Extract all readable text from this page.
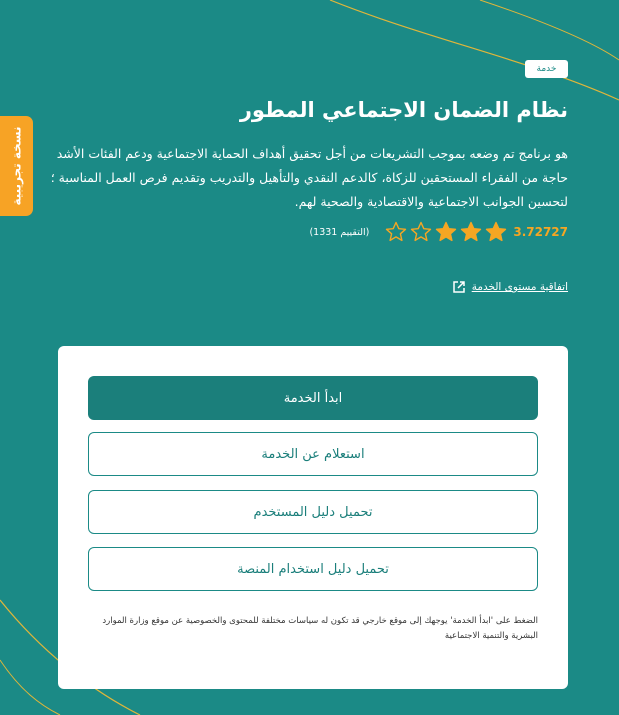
خدمة
نظام الضمان الاجتماعي المطور

هو برنامج تم وضعه بموجب التشريعات من أجل تحقيق أهداف الحماية الاجتماعية ودعم الفئات الأشد حاجة من الفقراء المستحقين للزكاة، كالدعم النقدي والتأهيل والتدريب وتقديم فرص العمل المناسبة ؛ لتحسين الجوانب الاجتماعية والاقتصادية والصحية لهم.

3.72727
(التقييم 1331)
اتفاقية مستوى الخدمة
نسخة تجريبية
ابدأ الخدمة
استعلام عن الخدمة
تحميل دليل المستخدم
تحميل دليل استخدام المنصة

الضغط على 'ابدأ الخدمة' يوجهك إلى موقع خارجي قد تكون له سياسات مختلفة للمحتوى والخصوصية عن موقع وزارة الموارد البشرية والتنمية الاجتماعية
